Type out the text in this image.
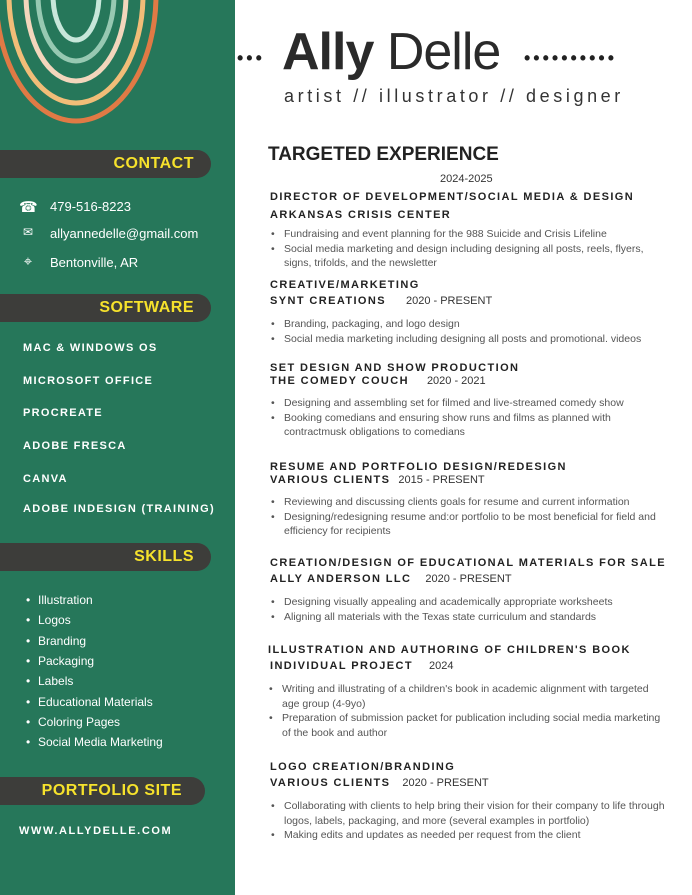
CONTACT
☎ 479-516-8223
✉	allyannedelle@gmail.com
⌖	Bentonville, AR
SOFTWARE
MAC & WINDOWS OS
MICROSOFT OFFICE
PROCREATE
ADOBE FRESCA
CANVA
ADOBE INDESIGN (TRAINING)
SKILLS
• Illustration
• Logos
• Branding
• Packaging
• Labels
• Educational Materials
• Coloring Pages
• Social Media Marketing
PORTFOLIO SITE
WWW.ALLYDELLE.COM
••• Ally Delle ••••••••••
artist // illustrator // designer
TARGETED EXPERIENCE
2024-2025
DIRECTOR OF DEVELOPMENT/SOCIAL MEDIA & DESIGN
ARKANSAS CRISIS CENTER
• Fundraising and event planning for the 988 Suicide and Crisis Lifeline
• Social media marketing and design including designing all posts, reels, flyers, signs, trifolds, and the newsletter
CREATIVE/MARKETING
SYNT CREATIONS 2020 - PRESENT
• Branding, packaging, and logo design
• Social media marketing including designing all posts and promotional. videos
SET DESIGN AND SHOW PRODUCTION
THE COMEDY COUCH 2020 - 2021
• Designing and assembling set for filmed and live-streamed comedy show
• Booking comedians and ensuring show runs and films as planned with contractmusk obligations to comedians
RESUME AND PORTFOLIO DESIGN/REDESIGN
VARIOUS CLIENTS 2015 - PRESENT
• Reviewing and discussing clients goals for resume and current information
• Designing/redesigning resume and:or portfolio to be most beneficial for field and efficiency for recipients
CREATION/DESIGN OF EDUCATIONAL MATERIALS FOR SALE
ALLY ANDERSON LLC 2020 - PRESENT
• Designing visually appealing and academically appropriate worksheets
• Aligning all materials with the Texas state curriculum and standards
ILLUSTRATION AND AUTHORING OF CHILDREN'S BOOK
INDIVIDUAL PROJECT 2024
• Writing and illustrating of a children's book in academic alignment with targeted age group (4-9yo)
• Preparation of submission packet for publication including social media marketing of the book and author
LOGO CREATION/BRANDING
VARIOUS CLIENTS 2020 - PRESENT
• Collaborating with clients to help bring their vision for their company to life through logos, labels, packaging, and more (several examples in portfolio)
• Making edits and updates as needed per request from the client
